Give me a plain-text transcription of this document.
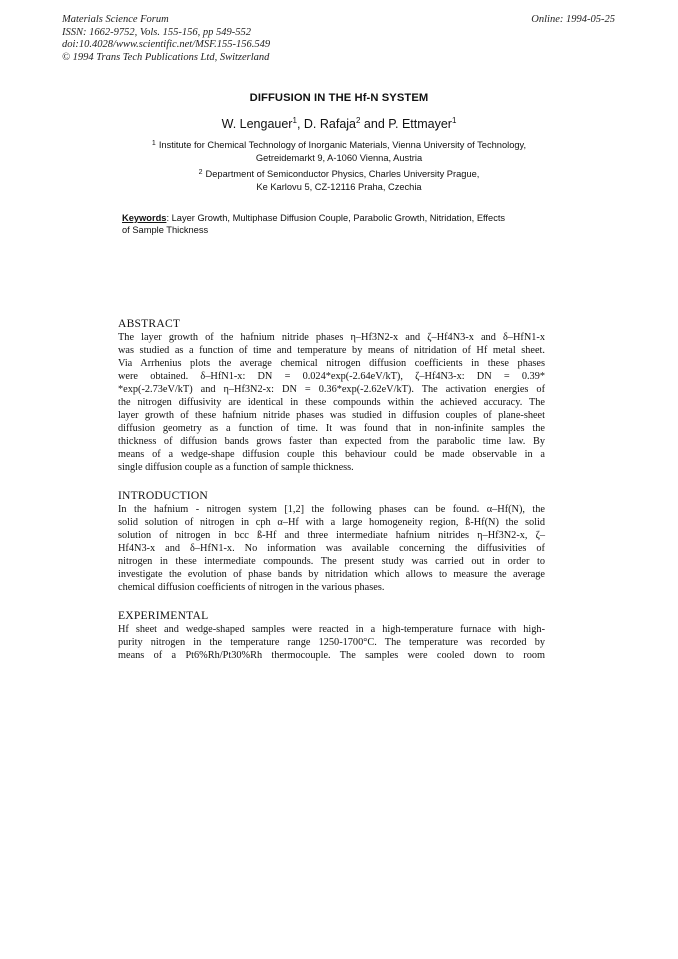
Materials Science Forum
ISSN: 1662-9752, Vols. 155-156, pp 549-552
doi:10.4028/www.scientific.net/MSF.155-156.549
© 1994 Trans Tech Publications Ltd, Switzerland
Online: 1994-05-25
DIFFUSION IN THE Hf-N SYSTEM
W. Lengauer$^1$, D. Rafaja$^2$ and P. Ettmayer$^1$
$^1$ Institute for Chemical Technology of Inorganic Materials, Vienna University of Technology,
Getreidemarkt 9, A-1060 Vienna, Austria
$^2$ Department of Semiconductor Physics, Charles University Prague,
Ke Karlovu 5, CZ-12116 Praha, Czechia
Keywords: Layer Growth, Multiphase Diffusion Couple, Parabolic Growth, Nitridation, Effects
of Sample Thickness
ABSTRACT
The layer growth of the hafnium nitride phases η–Hf3N2-x and ζ–Hf4N3-x and δ–HfN1-x
was studied as a function of time and temperature by means of nitridation of Hf metal sheet.
Via Arrhenius plots the average chemical nitrogen diffusion coefficients in these phases
were obtained. δ–HfN1-x: DN = 0.024*exp(-2.64eV/kT), ζ–Hf4N3-x: DN = 0.39*
*exp(-2.73eV/kT) and η–Hf3N2-x: DN = 0.36*exp(-2.62eV/kT). The activation energies of
the nitrogen diffusivity are identical in these compounds within the achieved accuracy. The
layer growth of these hafnium nitride phases was studied in diffusion couples of plane-sheet
diffusion geometry as a function of time. It was found that in non-infinite samples the
thickness of diffusion bands grows faster than expected from the parabolic time law. By
means of a wedge-shape diffusion couple this behaviour could be made observable in a
single diffusion couple as a function of sample thickness.
INTRODUCTION
In the hafnium - nitrogen system [1,2] the following phases can be found. α–Hf(N), the
solid solution of nitrogen in cph α–Hf with a large homogeneity region, ß-Hf(N) the solid
solution of nitrogen in bcc ß-Hf and three intermediate hafnium nitrides η–Hf3N2-x, ζ–
Hf4N3-x and δ–HfN1-x. No information was available concerning the diffusivities of
nitrogen in these intermediate compounds. The present study was carried out in order to
investigate the evolution of phase bands by nitridation which allows to measure the average
chemical diffusion coefficients of nitrogen in the various phases.
EXPERIMENTAL
Hf sheet and wedge-shaped samples were reacted in a high-temperature furnace with high-
purity nitrogen in the temperature range 1250-1700°C. The temperature was recorded by
means of a Pt6%Rh/Pt30%Rh thermocouple. The samples were cooled down to room
